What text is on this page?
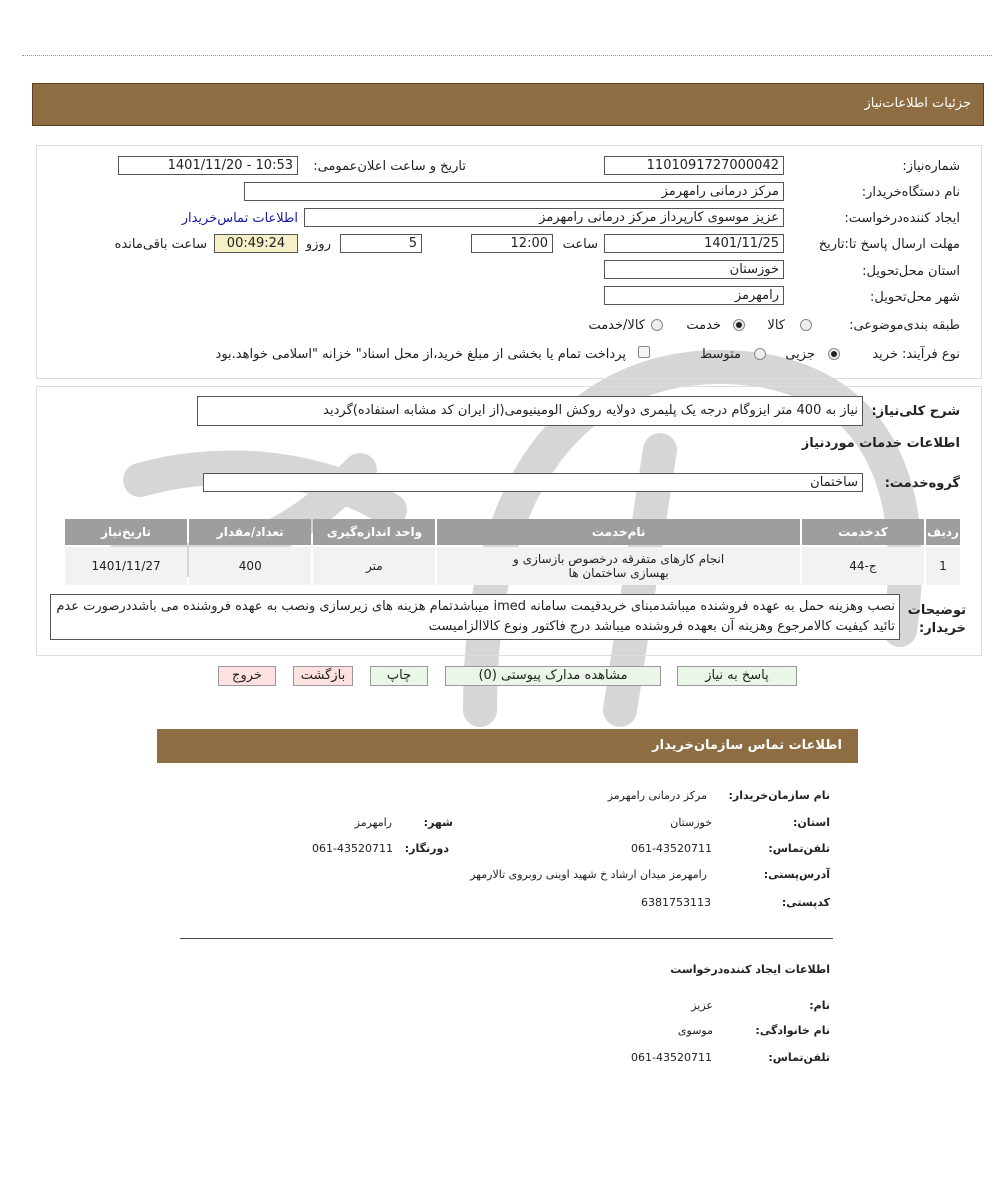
جزئیات اطلاعات‌نیاز
شماره‌نیاز:
1101091727000042
تاریخ و ساعت اعلان‌عمومی:
1401/11/20 - 10:53
نام دستگاه‌خریدار:
مرکز درمانی رامهرمز
ایجاد کننده‌درخواست:
عزیز موسوی کارپرداز مرکز درمانی رامهرمز
اطلاعات تماس‌خریدار
مهلت ارسال پاسخ تا:تاریخ
1401/11/25
ساعت
12:00
5
روزو
00:49:24
ساعت باقی‌مانده
استان محل‌تحویل:
خوزستان
شهر محل‌تحویل:
رامهرمز
طبقه بندی‌موضوعی:
کالا
خدمت
کالا/خدمت
نوع فرآیند:
خرید
جزیی
متوسط
پرداخت تمام یا بخشی از مبلغ خرید،از محل اسناد" خزانه "اسلامی خواهد.بود
شرح کلی‌نیاز:
نیاز به 400 متر ایزوگام درجه یک پلیمری دولایه روکش الومینیومی(از ایران کد مشابه استفاده)گردید
اطلاعات خدمات موردنیاز
گروه‌خدمت:
ساختمان
ردیف	کدخدمت	نام‌خدمت	واحد اندازه‌گیری	تعداد/مقدار	تاریخ‌نیاز
1	ج-44	انجام کارهای متفرقه درخصوص بازسازی و بهسازی ساختمان ها	متر	400	1401/11/27
توضیحات خریدار:
نصب وهزینه حمل به عهده فروشنده میباشدمبنای خریدقیمت سامانه imed میباشدتمام هزینه های زیرسازی ونصب به عهده فروشنده می باشددرصورت عدم تائید کیفیت کالامرجوع وهزینه آن بعهده فروشنده میباشد درج فاکتور ونوع کالاالزامیست
پاسخ به نیاز
مشاهده مدارک پیوستی (0)
چاپ
بازگشت
خروج
اطلاعات تماس سازمان‌خریدار
نام سازمان‌خریدار:
مرکز درمانی رامهرمز
استان:
خوزستان
شهر:
رامهرمز
تلفن‌تماس:
061-43520711
دورنگار:
061-43520711
آدرس‌پستی:
رامهرمز میدان ارشاد خ شهید اوینی روبروی تالارمهر
کدپستی:
6381753113
اطلاعات ایجاد کننده‌درخواست
نام:
عزیز
نام خانوادگی:
موسوی
تلفن‌تماس:
061-43520711
